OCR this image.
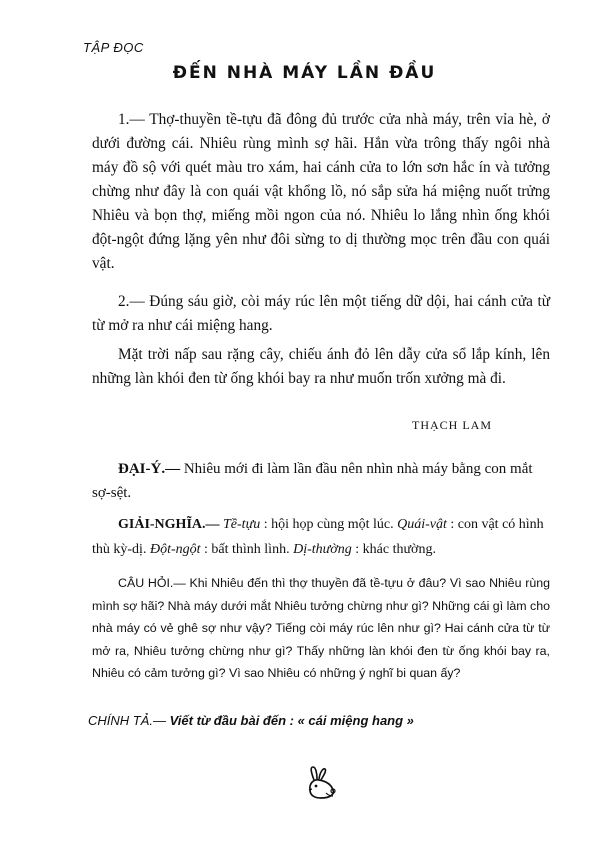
TẬP ĐỌC
ĐẾN NHÀ MÁY LẦN ĐẦU

1.— Thợ-thuyền tề-tựu đã đông đủ trước cửa nhà máy, trên vỉa hè, ở dưới đường cái. Nhiêu rùng mình sợ hãi. Hắn vừa trông thấy ngôi nhà máy đồ sộ với quét màu tro xám, hai cánh cửa to lớn sơn hắc ín và tưởng chừng như đây là con quái vật khổng lồ, nó sắp sửa há miệng nuốt trửng Nhiêu và bọn thợ, miếng mồi ngon của nó. Nhiêu lo lắng nhìn ống khói đột-ngột đứng lặng yên như đôi sừng to dị thường mọc trên đầu con quái vật.

2.— Đúng sáu giờ, còi máy rúc lên một tiếng dữ dội, hai cánh cửa từ từ mở ra như cái miệng hang.

Mặt trời nấp sau rặng cây, chiếu ánh đỏ lên dẫy cửa sổ lắp kính, lên những làn khói đen từ ống khói bay ra như muốn trốn xưởng mà đi.

THẠCH LAM

ĐẠI-Ý.— Nhiêu mới đi làm lần đầu nên nhìn nhà máy bằng con mắt sợ-sệt.

GIẢI-NGHĨA.— Tề-tựu : hội họp cùng một lúc. Quái-vật : con vật có hình thù kỳ-dị. Đột-ngột : bất thình lình. Dị-thường : khác thường.

CÂU HỎI.— Khi Nhiêu đến thì thợ thuyền đã tề-tựu ở đâu? Vì sao Nhiêu rùng mình sợ hãi? Nhà máy dưới mắt Nhiêu tưởng chừng như gì? Những cái gì làm cho nhà máy có vẻ ghê sợ như vậy? Tiếng còi máy rúc lên như gì? Hai cánh cửa từ từ mở ra, Nhiêu tưởng chừng như gì? Thấy những làn khói đen từ ống khói bay ra, Nhiêu có cảm tưởng gì? Vì sao Nhiêu có những ý nghĩ bi quan ấy?

CHÍNH TẢ.— Viết từ đầu bài đến : « cái miệng hang »
